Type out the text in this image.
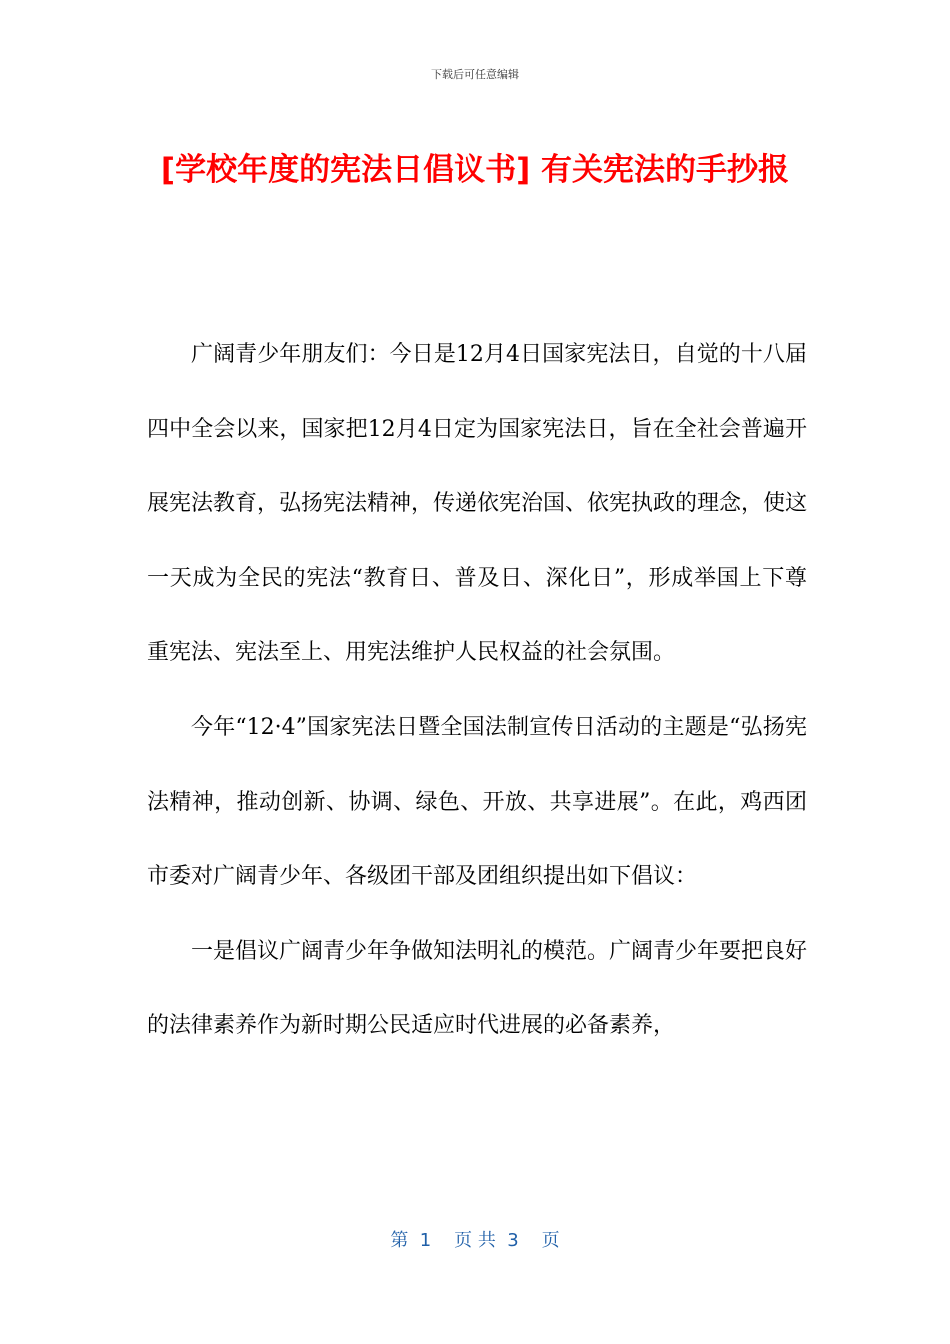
下载后可任意编辑
[学校年度的宪法日倡议书] 有关宪法的手抄报

广阔青少年朋友们：今日是12月4日国家宪法日，自觉的十八届四中全会以来，国家把12月4日定为国家宪法日，旨在全社会普遍开展宪法教育，弘扬宪法精神，传递依宪治国、依宪执政的理念，使这一天成为全民的宪法“教育日、普及日、深化日”，形成举国上下尊重宪法、宪法至上、用宪法维护人民权益的社会氛围。

今年“12·4”国家宪法日暨全国法制宣传日活动的主题是“弘扬宪法精神，推动创新、协调、绿色、开放、共享进展”。在此，鸡西团市委对广阔青少年、各级团干部及团组织提出如下倡议：

一是倡议广阔青少年争做知法明礼的模范。广阔青少年要把良好的法律素养作为新时期公民适应时代进展的必备素养，

第  1    页 共  3    页
